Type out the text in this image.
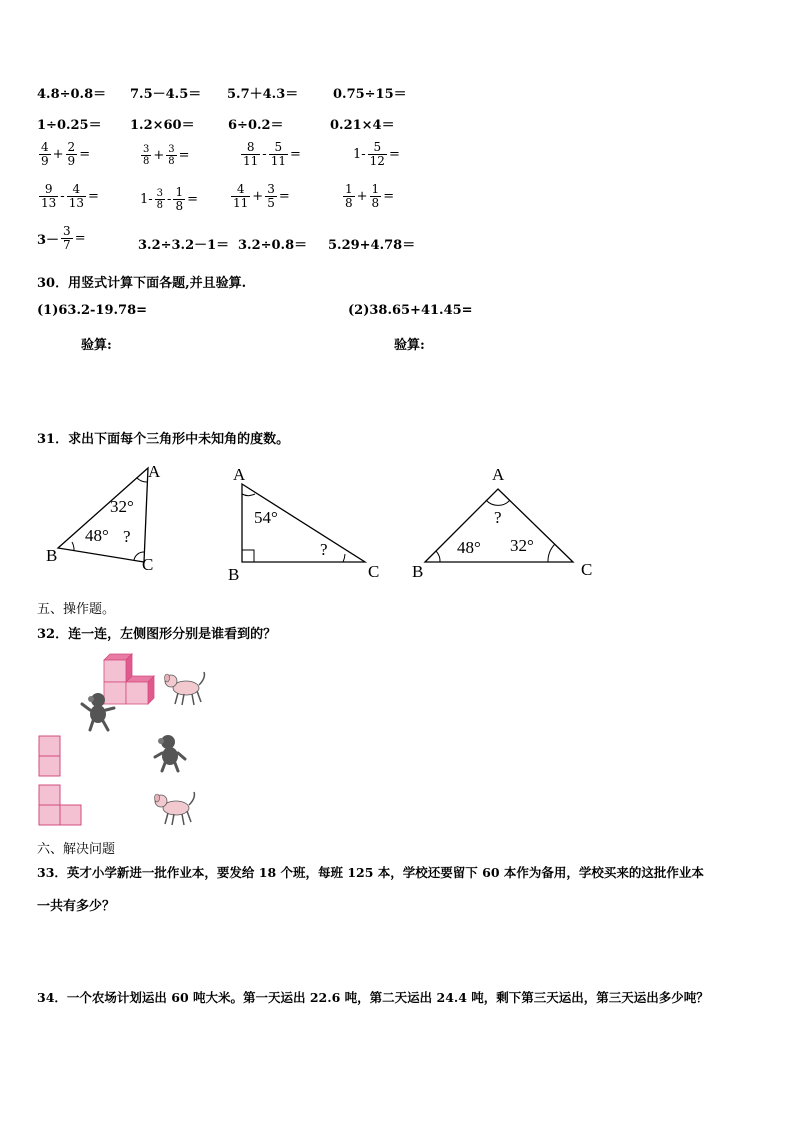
4.8÷0.8＝ 7.5－4.5＝ 5.7＋4.3＝	0.75÷15＝
1÷0.25＝ 1.2×60＝	6÷0.2＝	0.21×4＝
$\frac{4}{9} + \frac{2}{9}$ =	$\frac{3}{8} + \frac{3}{8}$ =	$\frac{8}{11} - \frac{5}{11}$ =	$1- \frac{5}{12}$ =
$\frac{9}{13} - \frac{4}{13}$ =	$1- \frac{3}{8} - \frac{1}{8}$ =	$\frac{4}{11} + \frac{3}{5}$ =	$\frac{1}{8} + \frac{1}{8}$ =
$3- \frac{3}{7}$ =	3.2÷3.2－1＝ 3.2÷0.8＝ 5.29+4.78＝
30．用竖式计算下面各题,并且验算.
(1)63.2-19.78=	(2)38.65+41.45=
验算:	验算:
31．求出下面每个三角形中未知角的度数。
A
B	C
32°
48° ?
A
B	C
54°
?
A
B	C
?
48° 32°
五、操作题。
32．连一连，左侧图形分别是谁看到的？
六、解决问题
33．英才小学新进一批作业本，要发给 18 个班，每班 125 本，学校还要留下 60 本作为备用，学校买来的这批作业本
一共有多少？
34．一个农场计划运出 60 吨大米。第一天运出 22.6 吨，第二天运出 24.4 吨，剩下第三天运出，第三天运出多少吨？
